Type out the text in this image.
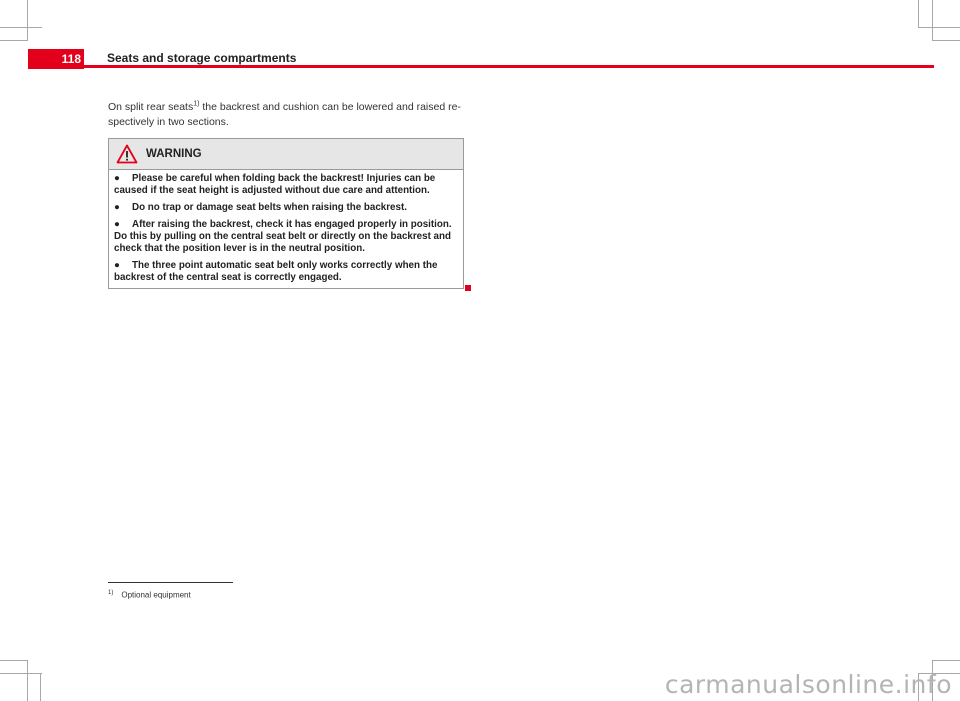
118 Seats and storage compartments

On split rear seats$^{1)}$ the backrest and cushion can be lowered and raised re-spectively in two sections.

WARNING

● Please be careful when folding back the backrest! Injuries can be caused if the seat height is adjusted without due care and attention.

● Do no trap or damage seat belts when raising the backrest.

● After raising the backrest, check it has engaged properly in position. Do this by pulling on the central seat belt or directly on the backrest and check that the position lever is in the neutral position.

● The three point automatic seat belt only works correctly when the backrest of the central seat is correctly engaged.

$^{1)}$ Optional equipment
carmanualsonline.info
